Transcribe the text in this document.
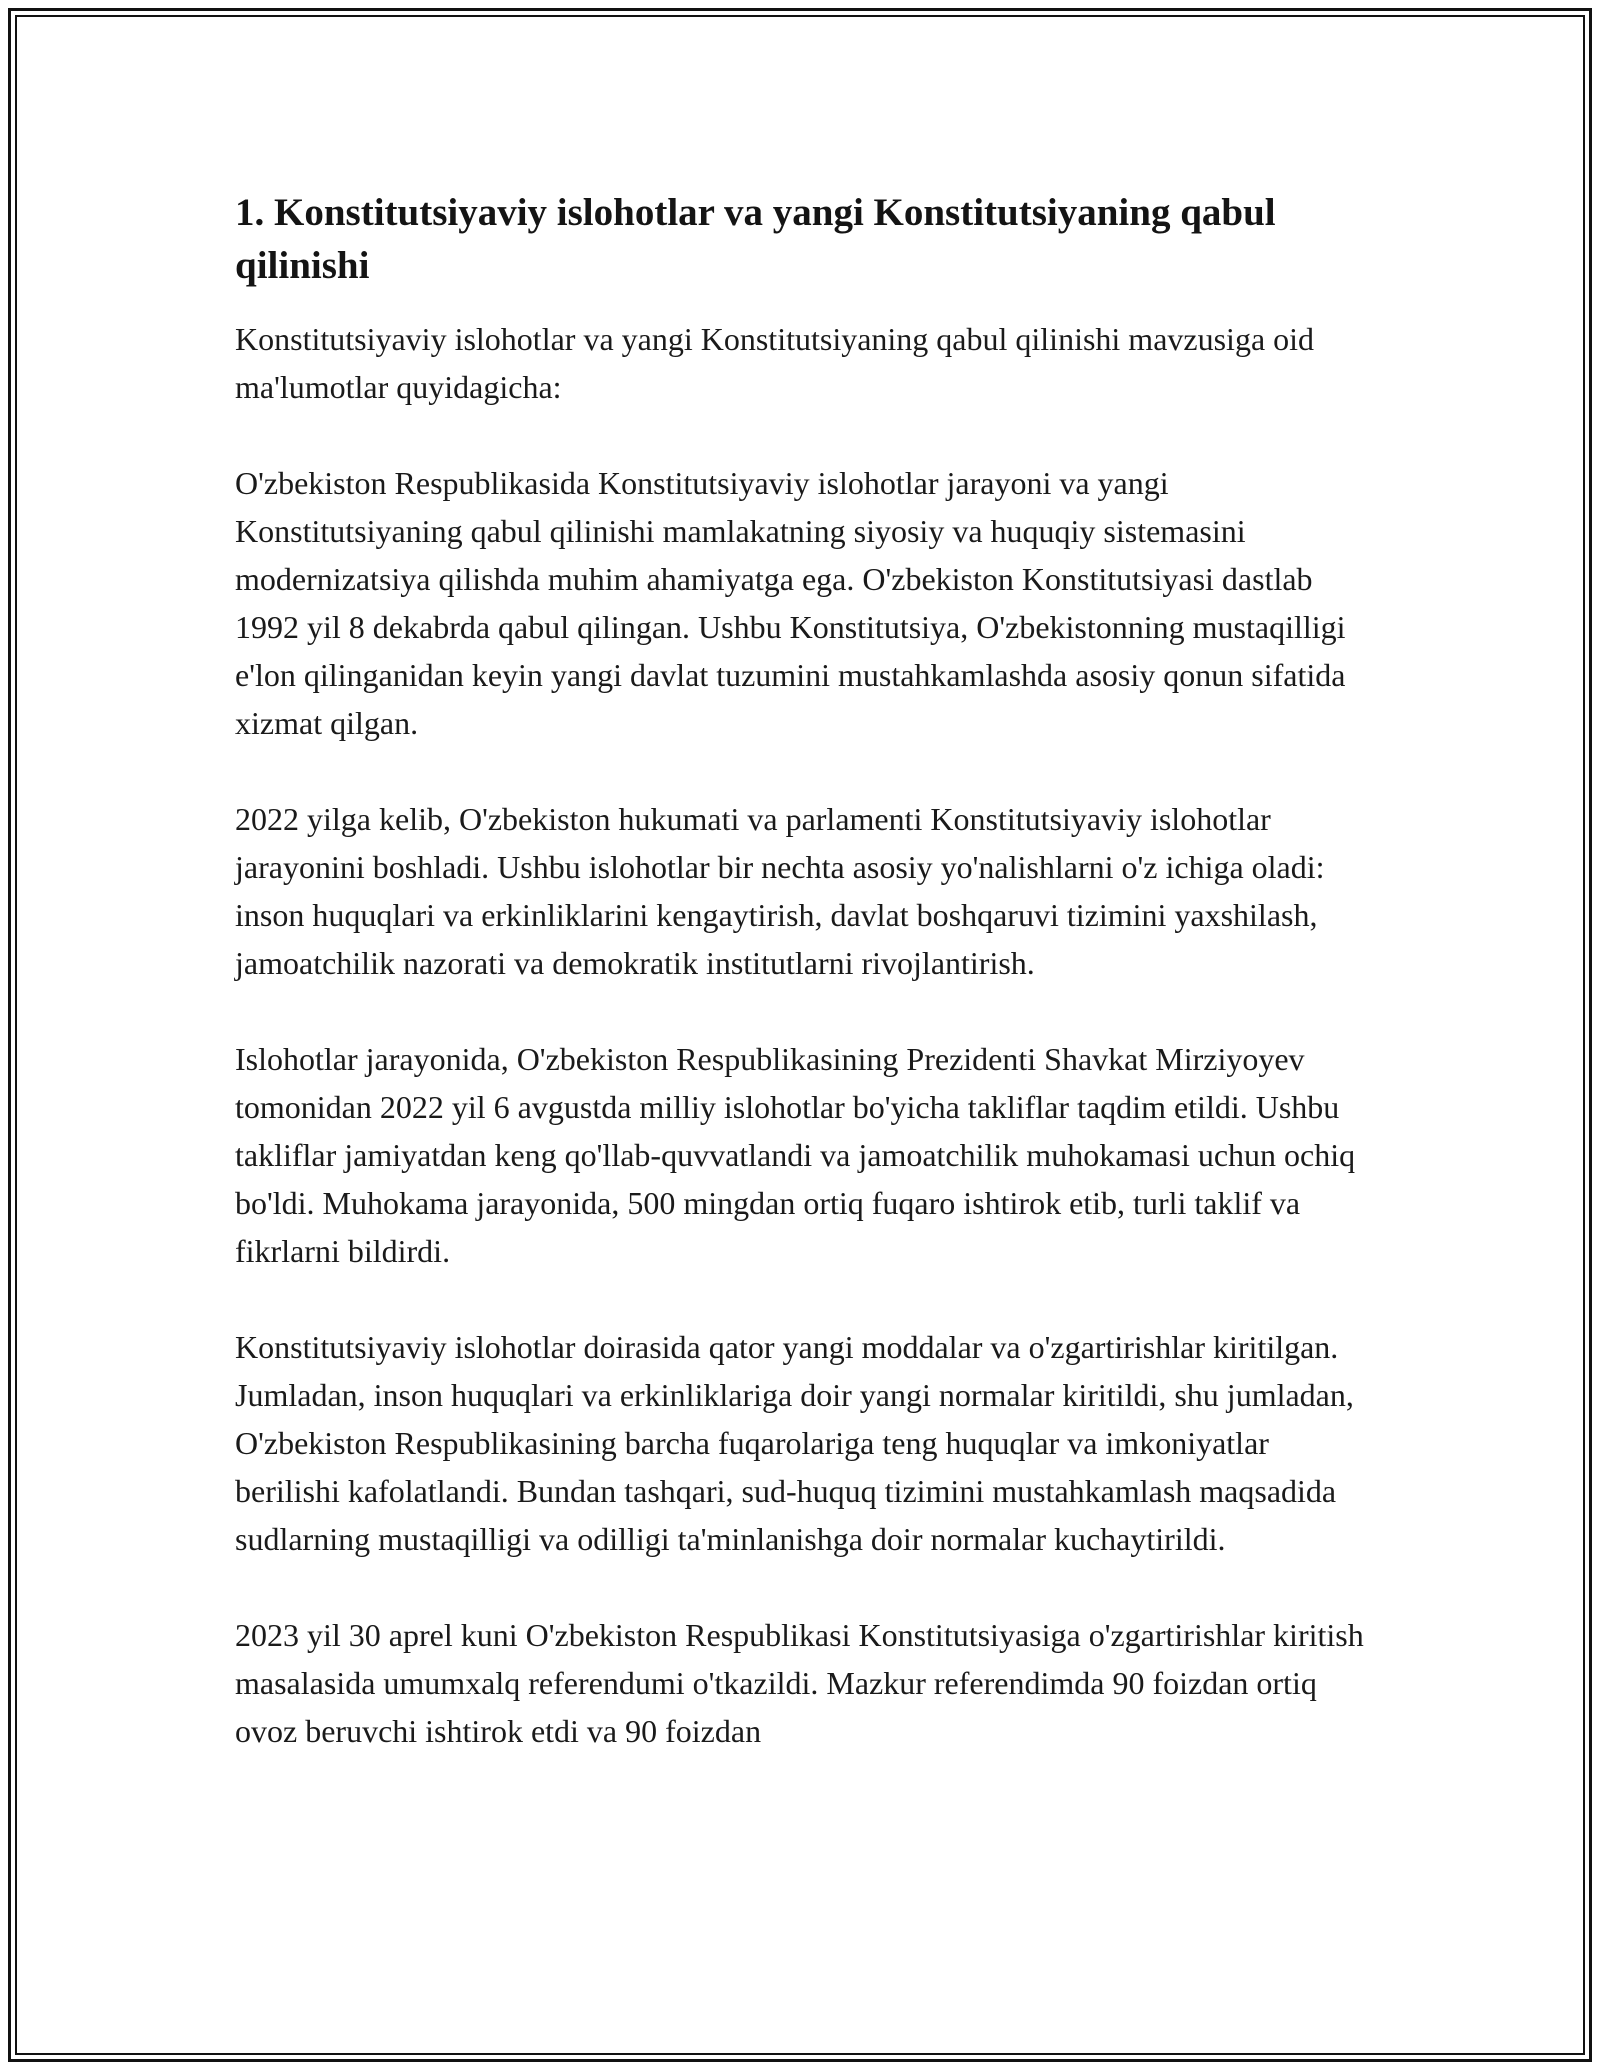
1. Konstitutsiyaviy islohotlar va yangi Konstitutsiyaning qabul qilinishi

Konstitutsiyaviy islohotlar va yangi Konstitutsiyaning qabul qilinishi mavzusiga oid ma'lumotlar quyidagicha:

O'zbekiston Respublikasida Konstitutsiyaviy islohotlar jarayoni va yangi Konstitutsiyaning qabul qilinishi mamlakatning siyosiy va huquqiy sistemasini modernizatsiya qilishda muhim ahamiyatga ega. O'zbekiston Konstitutsiyasi dastlab 1992 yil 8 dekabrda qabul qilingan. Ushbu Konstitutsiya, O'zbekistonning mustaqilligi e'lon qilinganidan keyin yangi davlat tuzumini mustahkamlashda asosiy qonun sifatida xizmat qilgan.

2022 yilga kelib, O'zbekiston hukumati va parlamenti Konstitutsiyaviy islohotlar jarayonini boshladi. Ushbu islohotlar bir nechta asosiy yo'nalishlarni o'z ichiga oladi: inson huquqlari va erkinliklarini kengaytirish, davlat boshqaruvi tizimini yaxshilash, jamoatchilik nazorati va demokratik institutlarni rivojlantirish.

Islohotlar jarayonida, O'zbekiston Respublikasining Prezidenti Shavkat Mirziyoyev tomonidan 2022 yil 6 avgustda milliy islohotlar bo'yicha takliflar taqdim etildi. Ushbu takliflar jamiyatdan keng qo'llab-quvvatlandi va jamoatchilik muhokamasi uchun ochiq bo'ldi. Muhokama jarayonida, 500 mingdan ortiq fuqaro ishtirok etib, turli taklif va fikrlarni bildirdi.

Konstitutsiyaviy islohotlar doirasida qator yangi moddalar va o'zgartirishlar kiritilgan. Jumladan, inson huquqlari va erkinliklariga doir yangi normalar kiritildi, shu jumladan, O'zbekiston Respublikasining barcha fuqarolariga teng huquqlar va imkoniyatlar berilishi kafolatlandi. Bundan tashqari, sud-huquq tizimini mustahkamlash maqsadida sudlarning mustaqilligi va odilligi ta'minlanishga doir normalar kuchaytirildi.

2023 yil 30 aprel kuni O'zbekiston Respublikasi Konstitutsiyasiga o'zgartirishlar kiritish masalasida umumxalq referendumi o'tkazildi. Mazkur referendimda 90 foizdan ortiq ovoz beruvchi ishtirok etdi va 90 foizdan
